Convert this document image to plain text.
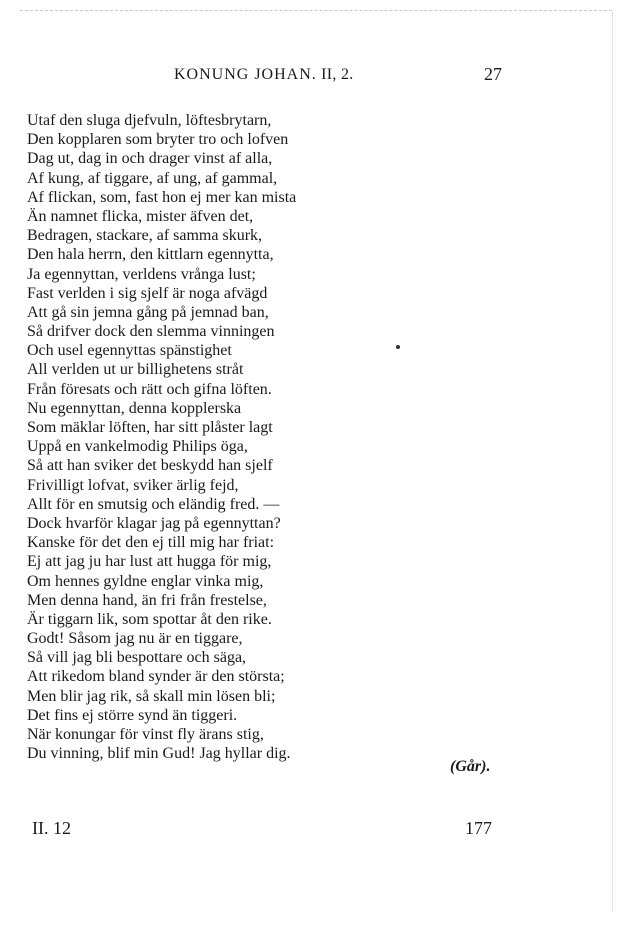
KONUNG JOHAN. II, 2.	27
Utaf den sluga djefvuln, löftesbrytarn,
Den kopplaren som bryter tro och lofven
Dag ut, dag in och drager vinst af alla,
Af kung, af tiggare, af ung, af gammal,
Af flickan, som, fast hon ej mer kan mista
Än namnet flicka, mister äfven det,
Bedragen, stackare, af samma skurk,
Den hala herrn, den kittlarn egennytta,
Ja egennyttan, verldens vrånga lust;
Fast verlden i sig sjelf är noga afvägd
Att gå sin jemna gång på jemnad ban,
Så drifver dock den slemma vinningen
Och usel egennyttas spänstighet
All verlden ut ur billighetens stråt
Från föresats och rätt och gifna löften.
Nu egennyttan, denna kopplerska
Som mäklar löften, har sitt plåster lagt
Uppå en vankelmodig Philips öga,
Så att han sviker det beskydd han sjelf
Frivilligt lofvat, sviker ärlig fejd,
Allt för en smutsig och eländig fred. —
Dock hvarför klagar jag på egennyttan?
Kanske för det den ej till mig har friat:
Ej att jag ju har lust att hugga för mig,
Om hennes gyldne englar vinka mig,
Men denna hand, än fri från frestelse,
Är tiggarn lik, som spottar åt den rike.
Godt! Såsom jag nu är en tiggare,
Så vill jag bli bespottare och säga,
Att rikedom bland synder är den största;
Men blir jag rik, så skall min lösen bli;
Det fins ej större synd än tiggeri.
När konungar för vinst fly ärans stig,
Du vinning, blif min Gud! Jag hyllar dig.
(Går).
II. 12	177
